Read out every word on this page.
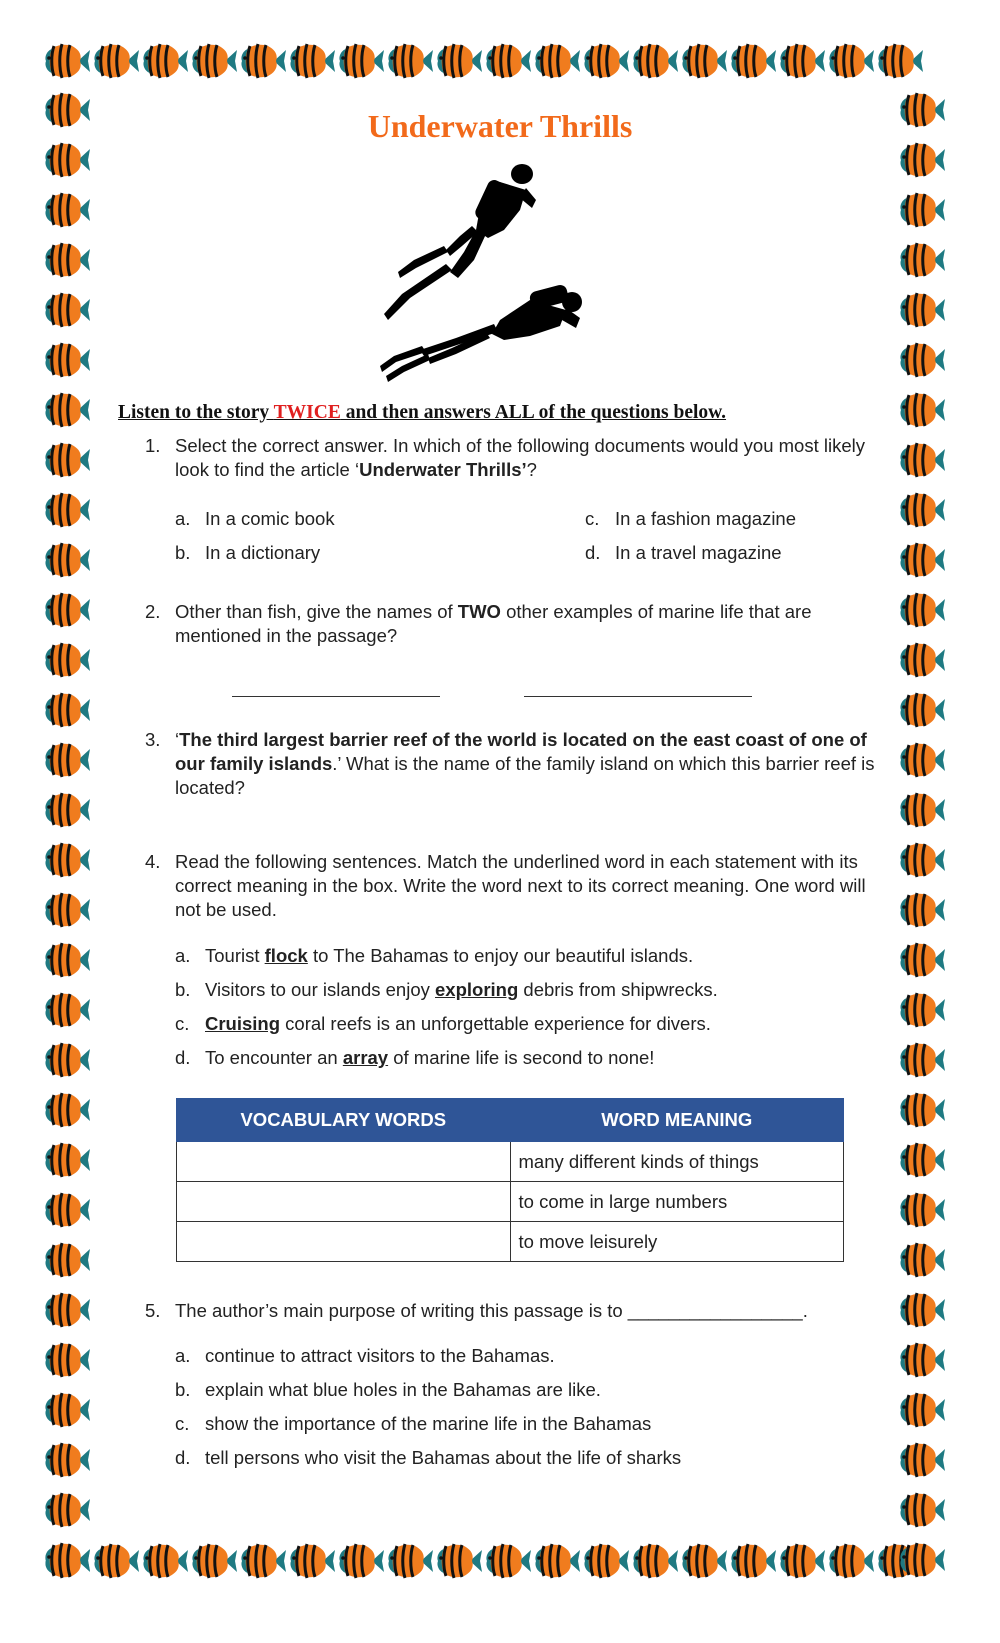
Underwater Thrills
Listen to the story TWICE and then answers ALL of the questions below.
1. Select the correct answer. In which of the following documents would you most likely look to find the article ‘Underwater Thrills’?
a. In a comic book
b. In a dictionary
c. In a fashion magazine
d. In a travel magazine
2. Other than fish, give the names of TWO other examples of marine life that are mentioned in the passage?
3. ‘The third largest barrier reef of the world is located on the east coast of one of our family islands.’ What is the name of the family island on which this barrier reef is located?
4. Read the following sentences. Match the underlined word in each statement with its correct meaning in the box. Write the word next to its correct meaning. One word will not be used.
a. Tourist flock to The Bahamas to enjoy our beautiful islands.
b. Visitors to our islands enjoy exploring debris from shipwrecks.
c. Cruising coral reefs is an unforgettable experience for divers.
d. To encounter an array of marine life is second to none!
VOCABULARY WORDS	WORD MEANING
	many different kinds of things
	to come in large numbers
	to move leisurely
5. The author’s main purpose of writing this passage is to _________________.
a. continue to attract visitors to the Bahamas.
b. explain what blue holes in the Bahamas are like.
c. show the importance of the marine life in the Bahamas
d. tell persons who visit the Bahamas about the life of sharks
